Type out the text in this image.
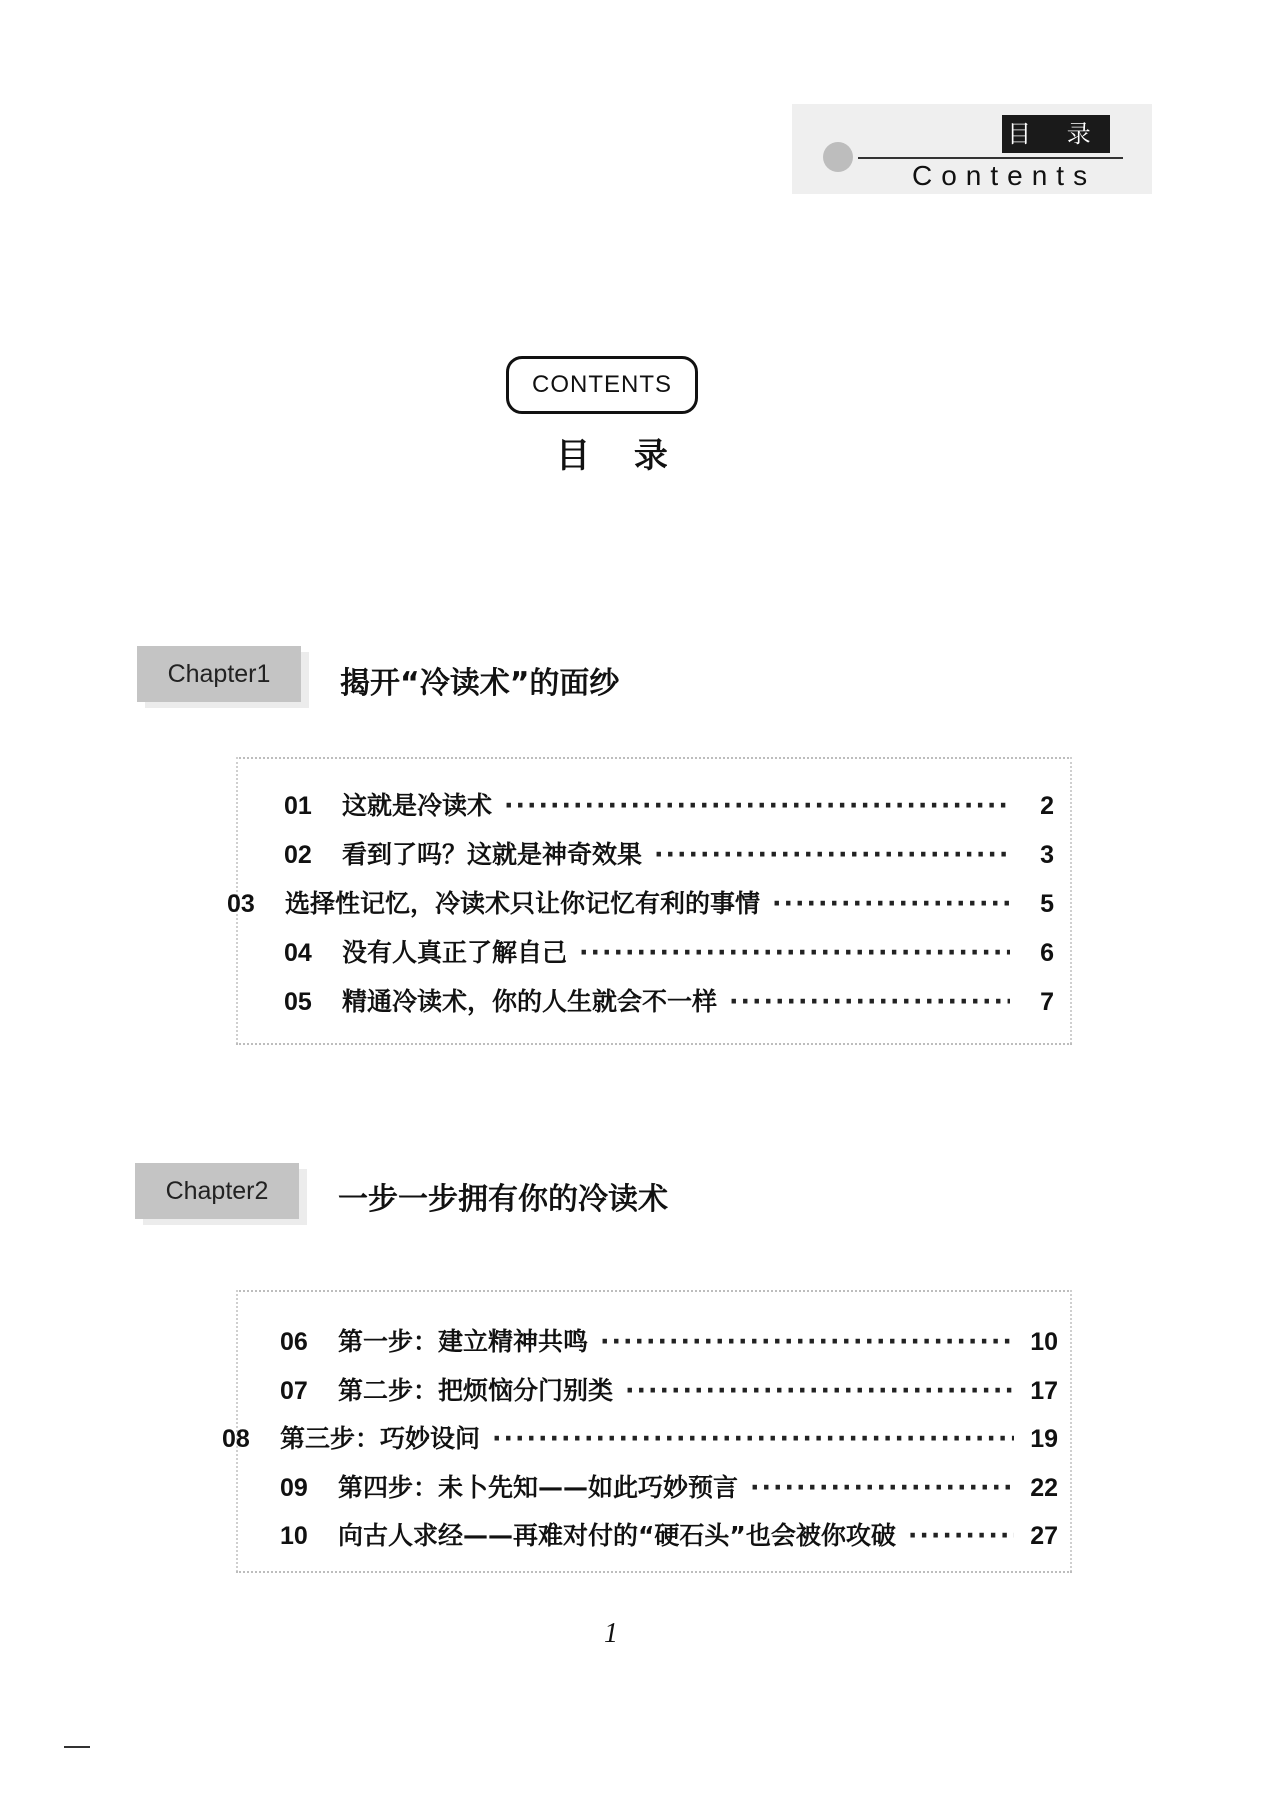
目 录
Contents
CONTENTS
目 录
Chapter1	揭开“冷读术”的面纱
01	这就是冷读术 ·····	2
02	看到了吗？这就是神奇效果 ·····	3
03	选择性记忆，冷读术只让你记忆有利的事情 ·····	5
04	没有人真正了解自己 ·····	6
05	精通冷读术，你的人生就会不一样 ·····	7
Chapter2	一步一步拥有你的冷读术
06	第一步：建立精神共鸣 ·····	10
07	第二步：把烦恼分门别类 ·····	17
08	第三步：巧妙设问 ·····	19
09	第四步：未卜先知——如此巧妙预言 ·····	22
10	向古人求经——再难对付的“硬石头”也会被你攻破 ·····	27
1
